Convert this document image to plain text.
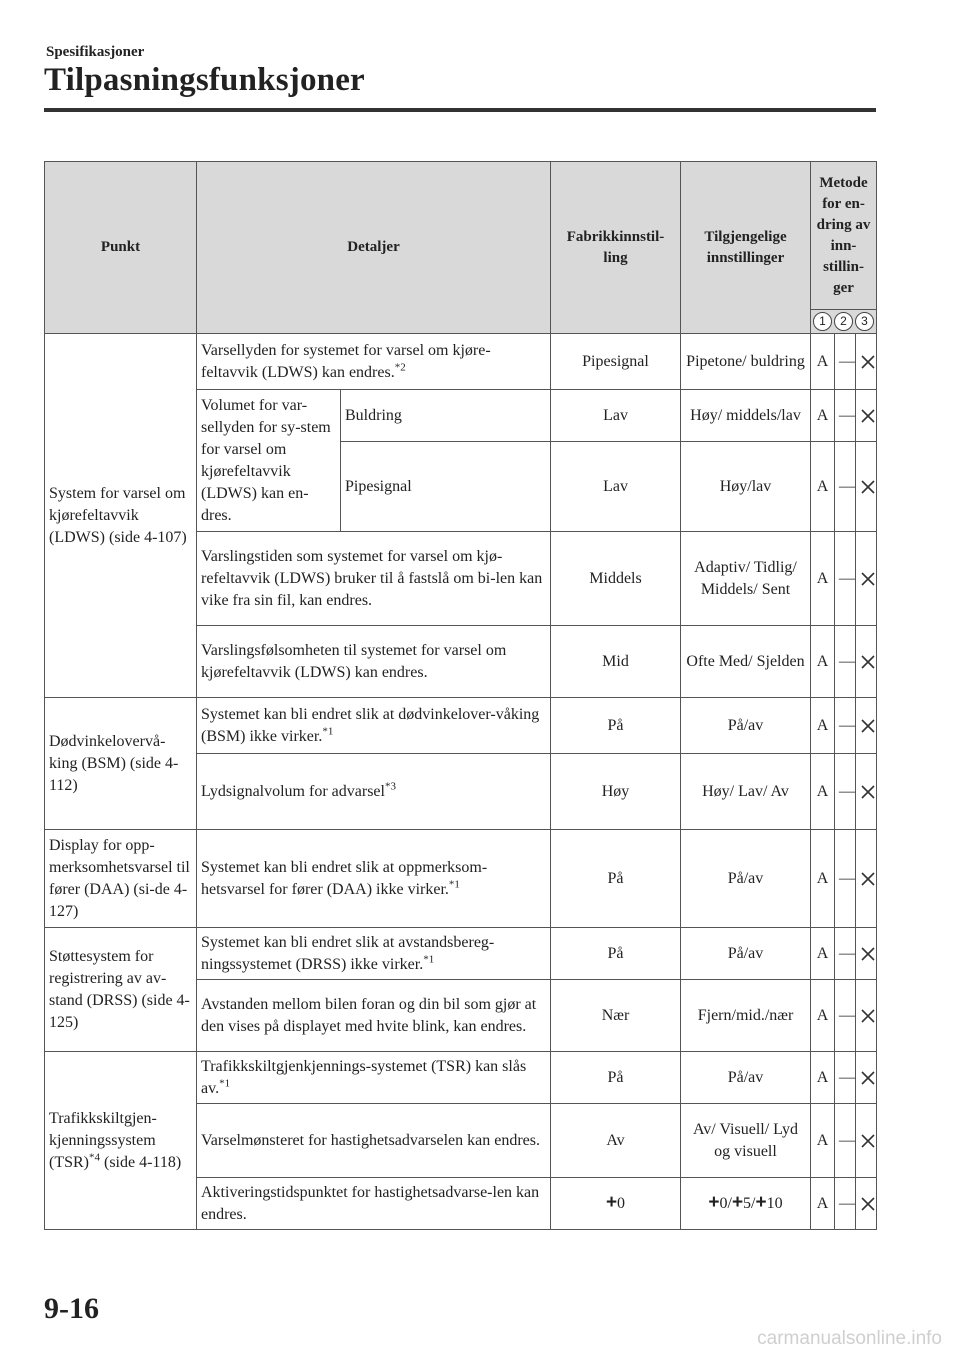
Spesifikasjoner
Tilpasningsfunksjoner
Punkt	Detaljer		Fabrikkinnstil-ling	Tilgjengelige innstillinger	Metode for en-dring av inn-stillin-ger		
					1 2 3		
System for varsel om kjørefeltavvik (LDWS) (side 4-107)	Varsellyden for systemet for varsel om kjøre-feltavvik (LDWS) kan endres.$^{*2}$		Pipesignal	Pipetone/ buldring	A	—	
	Volumet for var-sellyden for sy-stem for varsel om kjørefeltavvik (LDWS) kan en-dres.	Buldring	Lav	Høy/ middels/lav	A	—	
		Pipesignal	Lav	Høy/lav	A	—	
	Varslingstiden som systemet for varsel om kjø-refeltavvik (LDWS) bruker til å fastslå om bi-len kan vike fra sin fil, kan endres.		Middels	Adaptiv/ Tidlig/ Middels/ Sent	A	—	
	Varslingsfølsomheten til systemet for varsel om kjørefeltavvik (LDWS) kan endres.		Mid	Ofte Med/ Sjelden	A	—	
Dødvinkelovervå-king (BSM) (side 4-112)	Systemet kan bli endret slik at dødvinkelover-våking (BSM) ikke virker.$^{*1}$		På	På/av	A	—	
	Lydsignalvolum for advarsel$^{*3}$		Høy	Høy/ Lav/ Av	A	—	
Display for opp-merksomhetsvarsel til fører (DAA) (si-de 4-127)	Systemet kan bli endret slik at oppmerksom-hetsvarsel for fører (DAA) ikke virker.$^{*1}$		På	På/av	A	—	
Støttesystem for registrering av av-stand (DRSS) (side 4-125)	Systemet kan bli endret slik at avstandsbereg-ningssystemet (DRSS) ikke virker.$^{*1}$		På	På/av	A	—	
	Avstanden mellom bilen foran og din bil som gjør at den vises på displayet med hvite blink, kan endres.		Nær	Fjern/mid./nær	A	—	
Trafikkskiltgjen-kjenningssystem (TSR)$^{*4}$ (side 4-118)	Trafikkskiltgjenkjennings-systemet (TSR) kan slås av.$^{*1}$		På	På/av	A	—	
	Varselmønsteret for hastighetsadvarselen kan endres.		Av	Av/ Visuell/ Lyd og visuell	A	—	
	Aktiveringstidspunktet for hastighetsadvarse-len kan endres.		+0	+0/+5/+10	A	—	
9-16
carmanualsonline.info
